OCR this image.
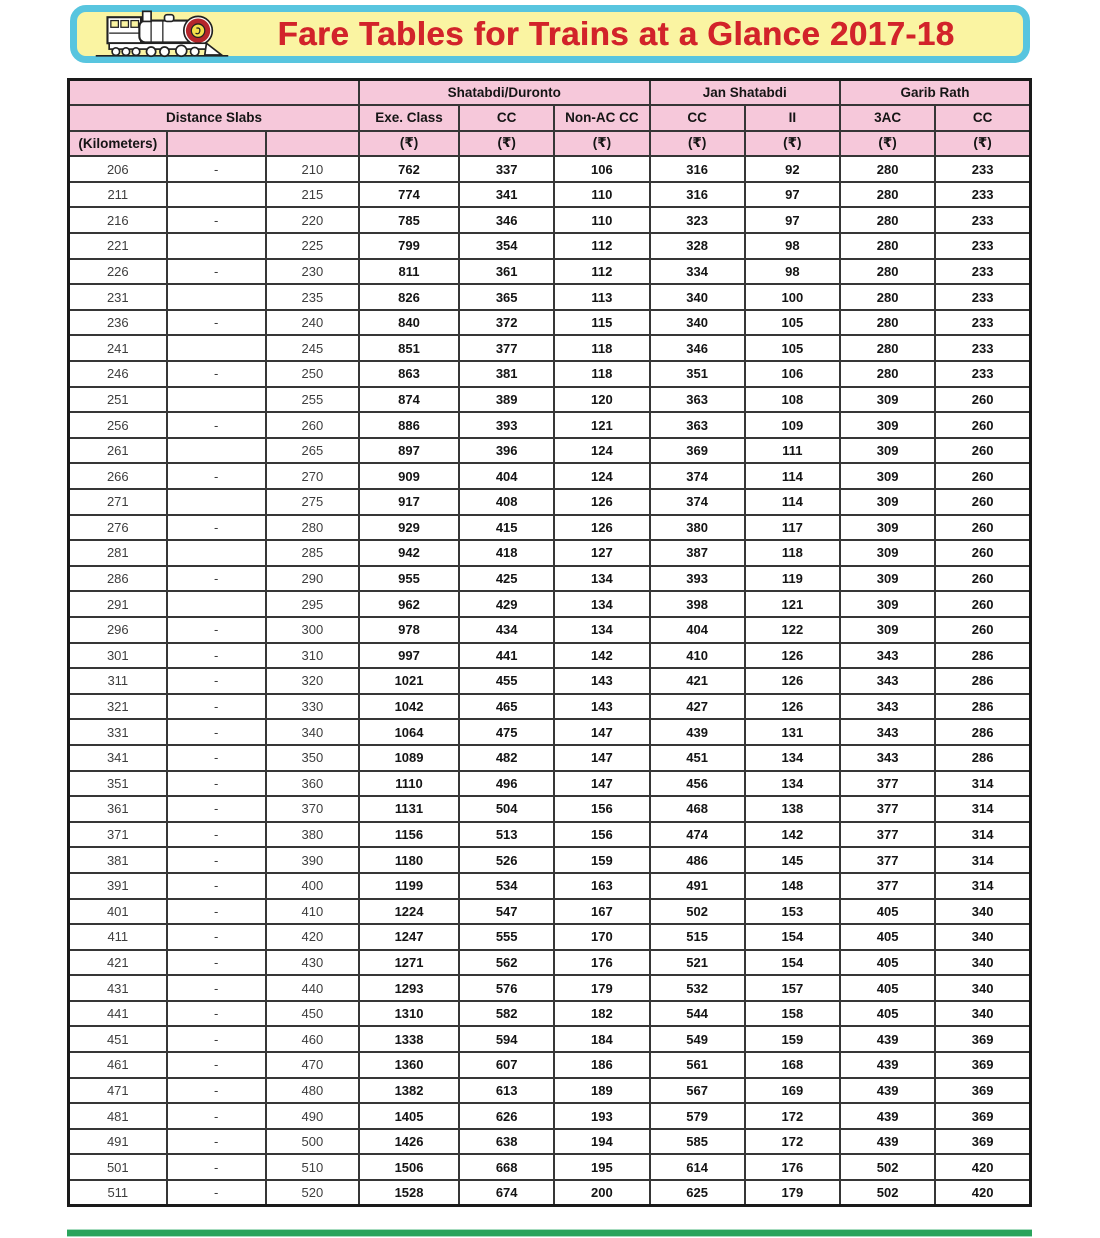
Fare Tables for Trains at a Glance 2017-18
			Shatabdi/Duronto			Jan Shatabdi		Garib Rath	
Distance Slabs			Exe. Class	CC	Non-AC CC	CC	II	3AC	CC
(Kilometers)			(₹)	(₹)	(₹)	(₹)	(₹)	(₹)	(₹)
206	-	210	762	337	106	316	92	280	233
211		215	774	341	110	316	97	280	233
216	-	220	785	346	110	323	97	280	233
221		225	799	354	112	328	98	280	233
226	-	230	811	361	112	334	98	280	233
231		235	826	365	113	340	100	280	233
236	-	240	840	372	115	340	105	280	233
241		245	851	377	118	346	105	280	233
246	-	250	863	381	118	351	106	280	233
251		255	874	389	120	363	108	309	260
256	-	260	886	393	121	363	109	309	260
261		265	897	396	124	369	111	309	260
266	-	270	909	404	124	374	114	309	260
271		275	917	408	126	374	114	309	260
276	-	280	929	415	126	380	117	309	260
281		285	942	418	127	387	118	309	260
286	-	290	955	425	134	393	119	309	260
291		295	962	429	134	398	121	309	260
296	-	300	978	434	134	404	122	309	260
301	-	310	997	441	142	410	126	343	286
311	-	320	1021	455	143	421	126	343	286
321	-	330	1042	465	143	427	126	343	286
331	-	340	1064	475	147	439	131	343	286
341	-	350	1089	482	147	451	134	343	286
351	-	360	1110	496	147	456	134	377	314
361	-	370	1131	504	156	468	138	377	314
371	-	380	1156	513	156	474	142	377	314
381	-	390	1180	526	159	486	145	377	314
391	-	400	1199	534	163	491	148	377	314
401	-	410	1224	547	167	502	153	405	340
411	-	420	1247	555	170	515	154	405	340
421	-	430	1271	562	176	521	154	405	340
431	-	440	1293	576	179	532	157	405	340
441	-	450	1310	582	182	544	158	405	340
451	-	460	1338	594	184	549	159	439	369
461	-	470	1360	607	186	561	168	439	369
471	-	480	1382	613	189	567	169	439	369
481	-	490	1405	626	193	579	172	439	369
491	-	500	1426	638	194	585	172	439	369
501	-	510	1506	668	195	614	176	502	420
511	-	520	1528	674	200	625	179	502	420
